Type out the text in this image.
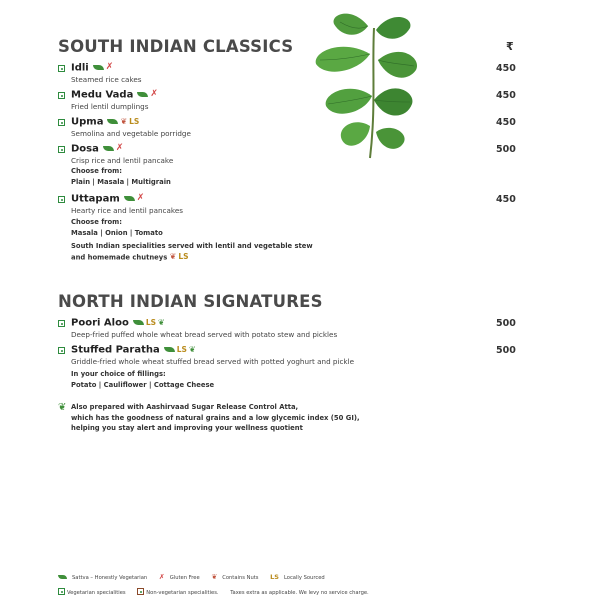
SOUTH INDIAN CLASSICS	₹
Idli ✗
Steamed rice cakes
450
Medu Vada ✗
Fried lentil dumplings
450
Upma ❦ LS
Semolina and vegetable porridge
450
Dosa ✗
Crisp rice and lentil pancake
500
Choose from:
Plain | Masala | Multigrain
Uttapam ✗
Hearty rice and lentil pancakes
450
Choose from:
Masala | Onion | Tomato
South Indian specialities served with lentil and vegetable stew
and homemade chutneys ❦ LS
NORTH INDIAN SIGNATURES
Poori Aloo LS ❦
Deep-fried puffed whole wheat bread served with potato stew and pickles
500
Stuffed Paratha LS ❦
Griddle-fried whole wheat stuffed bread served with potted yoghurt and pickle
500
In your choice of fillings:
Potato | Cauliflower | Cottage Cheese
❦ Also prepared with Aashirvaad Sugar Release Control Atta,
which has the goodness of natural grains and a low glycemic index (50 GI),
helping you stay alert and improving your wellness quotient
Sattva – Honestly Vegetarian ✗ Gluten Free ❦ Contains Nuts LS Locally Sourced
Vegetarian specialities	Non-vegetarian specialities. Taxes extra as applicable. We levy no service charge.
